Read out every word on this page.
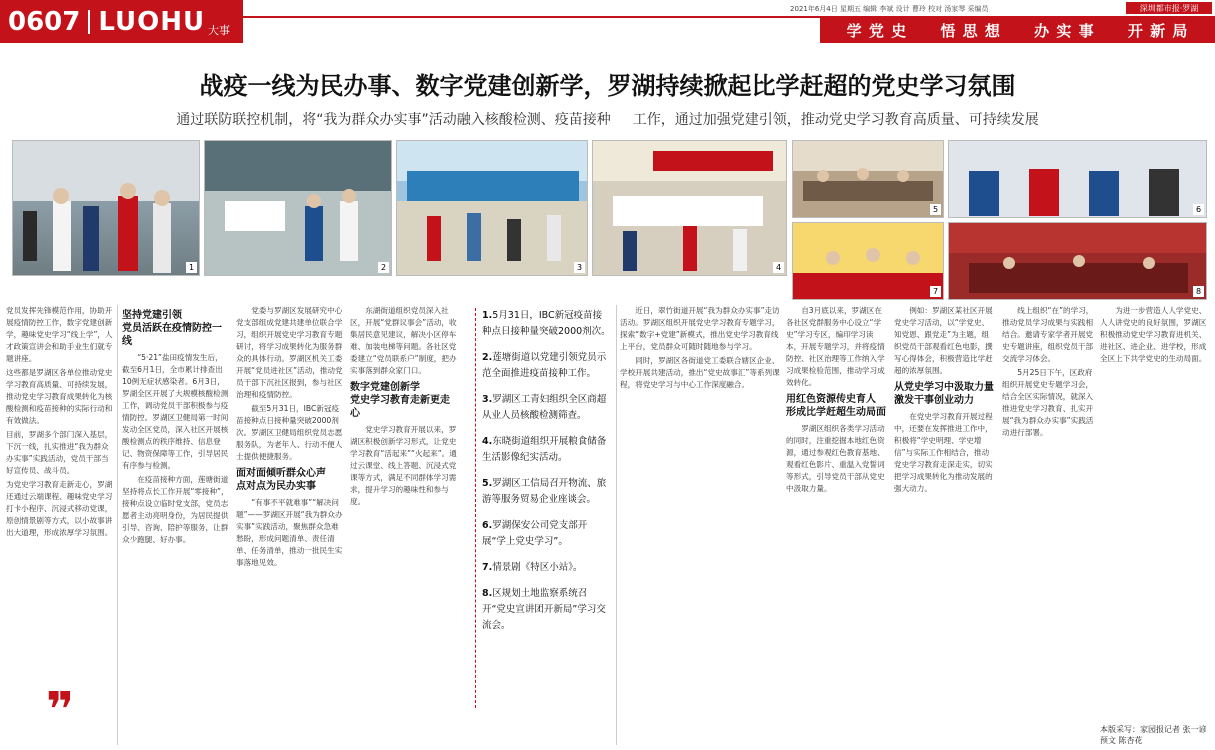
0607 LUOHU 大事
2021年6月4日 星期五 编辑 李斌 设计 曹玲 校对 汤家琴 采编员	深圳都市报·罗湖
学 党 史 悟 思 想 办 实 事 开 新 局
战疫一线为民办事、数字党建创新学，罗湖持续掀起比学赶超的党史学习氛围
通过联防联控机制，将“我为群众办实事”活动融入核酸检测、疫苗接种 工作，通过加强党建引领，推动党史学习教育高质量、可持续发展
1	2	3	4
5	6
7	8

党员发挥先锋模范作用，协助开展疫情防控工作，数字党建创新学，趣味党史学习“线上学”，人才政策宣讲会和助手业生们就专题讲座。

这些都是罗湖区各单位推动党史学习教育高质量、可持续发展，推动党史学习教育成果转化为核酸检测和疫苗接种的实际行动和有效做法。

目前，罗湖多个部门深入基层，下沉一线，扎实推进“我为群众办实事”实践活动，党员干部当好宣传员、战斗员。

为党史学习教育走新走心，罗湖还通过云端课程、趣味党史学习打卡小程序、沉浸式移动党课，原创情景剧等方式，以小故事讲出大道理，形成浓厚学习氛围。

❞
坚持党建引领
党员活跃在疫情防控一线

“5·21”盐田疫情发生后，截至6月1日，全市累计排查出10例无症状感染者。6月3日，罗湖全区开展了大规模核酸检测工作，调动党员干部积极参与疫情防控。罗湖区卫健局第一时间发动全区党员，深入社区开展核酸检测点的秩序维持、信息登记、物资保障等工作，引导居民有序参与检测。

在疫苗接种方面，莲塘街道坚持将点长工作开展“零接种”，接种点设立临时党支部，党员志愿者主动亮明身份，为居民提供引导、咨询、陪护等服务，让群众少跑腿、好办事。

党委与罗湖区发展研究中心党支部组成党建共建单位联合学习，组织开展党史学习教育专题研讨，将学习成果转化为服务群众的具体行动。罗湖区机关工委开展“党员进社区”活动，推动党员干部下沉社区报到，参与社区治理和疫情防控。

截至5月31日，IBC新冠疫苗接种点日接种量突破2000剂次。罗湖区卫健局组织党员志愿服务队，为老年人、行动不便人士提供便捷服务。

面对面倾听群众心声
点对点为民办实事

“有事不平就难事”“解决问题”——罗湖区开展“我为群众办实事”实践活动，聚焦群众急难愁盼，形成问题清单、责任清单、任务清单，推动一批民生实事落地见效。

东湖街道组织党员深入社区，开展“党群议事会”活动，收集居民意见建议，解决小区停车难、加装电梯等问题。各社区党委建立“党员联系户”制度，把办实事落到群众家门口。

数字党建创新学
党史学习教育走新更走心

党史学习教育开展以来，罗湖区积极创新学习形式，让党史学习教育“活起来”“火起来”。通过云课堂、线上答题、沉浸式党课等方式，满足不同群体学习需求，提升学习的趣味性和参与度。

1.5月31日，IBC新冠疫苗接种点日接种量突破2000剂次。

2.莲塘街道以党建引领党员示范全面推进疫苗接种工作。

3.罗湖区工青妇组织全区商超从业人员核酸检测筛查。

4.东晓街道组织开展粮食储备生活影像纪实活动。

5.罗湖区工信局召开物流、旅游等服务贸易企业座谈会。

6.罗湖保安公司党支部开展“学上党史学习”。

7.情景剧《特区小站》。

8.区规划土地监察系统召开“党史宣讲团开新局”学习交流会。

近日，翠竹街道开展“我为群众办实事”走访活动。罗湖区组织开展党史学习教育专题学习，探索“数字+党建”新模式，推出党史学习教育线上平台，党员群众可随时随地参与学习。

同时，罗湖区各街道党工委联合辖区企业、学校开展共建活动，推出“党史故事汇”等系列课程，将党史学习与中心工作深度融合。

自3月底以来，罗湖区在各社区党群服务中心设立“学史”学习专区，编印学习读本，开展专题学习，并将疫情防控、社区治理等工作纳入学习成果检验范围，推动学习成效转化。

用红色资源传史育人
形成比学赶超生动局面

罗湖区组织各类学习活动的同时，注重挖掘本地红色资源，通过参观红色教育基地、观看红色影片、重温入党誓词等形式，引导党员干部从党史中汲取力量。

例如：罗湖区某社区开展党史学习活动，以“学党史、知党恩、跟党走”为主题，组织党员干部观看红色电影，撰写心得体会，积极营造比学赶超的浓厚氛围。

从党史学习中汲取力量
激发干事创业动力

在党史学习教育开展过程中，还要在发挥推进工作中，积极将“学史明理、学史增信”与实际工作相结合，推动党史学习教育走深走实，切实把学习成果转化为推动发展的强大动力。

线上组织“在”的学习，推动党员学习成果与实践相结合。邀请专家学者开展党史专题讲座，组织党员干部交流学习体会。

5月25日下午，区政府组织开展党史专题学习会，结合全区实际情况，就深入推进党史学习教育、扎实开展“我为群众办实事”实践活动进行部署。

为进一步营造人人学党史、人人讲党史的良好氛围，罗湖区积极推动党史学习教育进机关、进社区、进企业、进学校，形成全区上下共学党史的生动局面。

本版采写：家园报记者 张一谚 预文 陈杏花
